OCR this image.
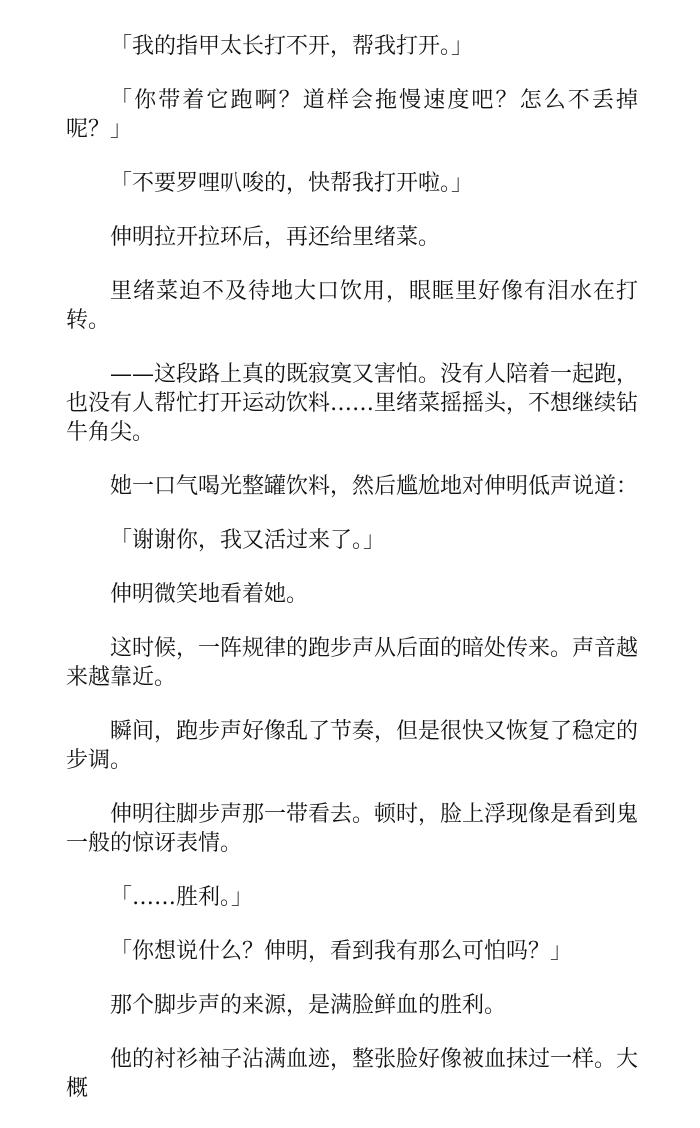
「我的指甲太长打不开，帮我打开。」

「你带着它跑啊？道样会拖慢速度吧？怎么不丢掉呢？」

「不要罗哩叭唆的，快帮我打开啦。」

伸明拉开拉环后，再还给里绪菜。

里绪菜迫不及待地大口饮用，眼眶里好像有泪水在打转。

——这段路上真的既寂寞又害怕。没有人陪着一起跑，也没有人帮忙打开运动饮料……里绪菜摇摇头，不想继续钻牛角尖。

她一口气喝光整罐饮料，然后尴尬地对伸明低声说道：

「谢谢你，我又活过来了。」

伸明微笑地看着她。

这时候，一阵规律的跑步声从后面的暗处传来。声音越来越靠近。

瞬间，跑步声好像乱了节奏，但是很快又恢复了稳定的步调。

伸明往脚步声那一带看去。顿时，脸上浮现像是看到鬼一般的惊讶表情。

「……胜利。」

「你想说什么？伸明，看到我有那么可怕吗？」

那个脚步声的来源，是满脸鲜血的胜利。

他的衬衫袖子沾满血迹，整张脸好像被血抹过一样。大概
